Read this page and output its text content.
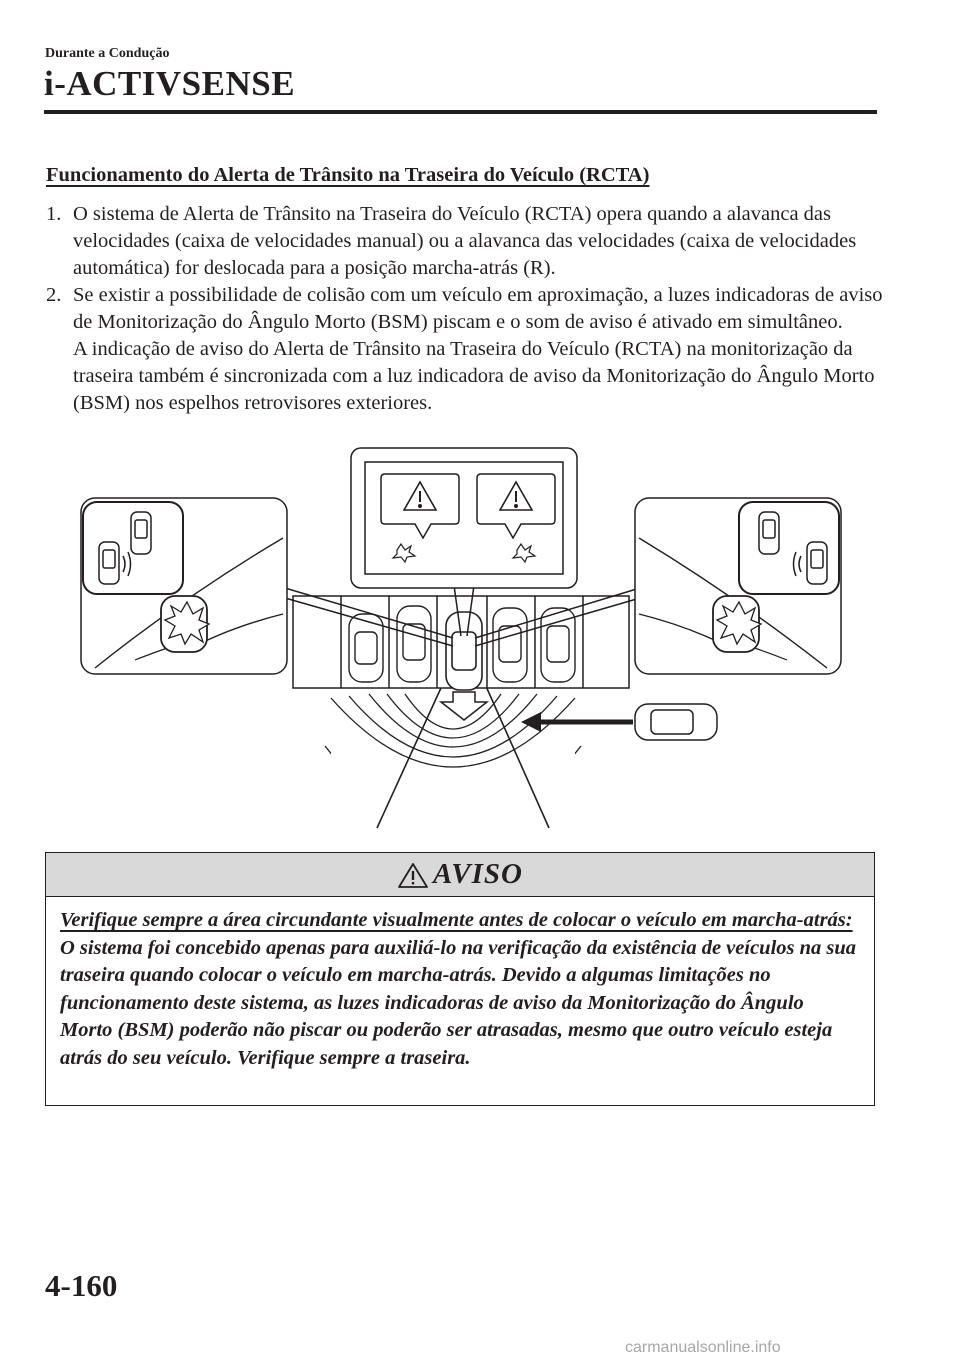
Durante a Condução
i-ACTIVSENSE
Funcionamento do Alerta de Trânsito na Traseira do Veículo (RCTA)
1. O sistema de Alerta de Trânsito na Traseira do Veículo (RCTA) opera quando a alavanca das velocidades (caixa de velocidades manual) ou a alavanca das velocidades (caixa de velocidades automática) for deslocada para a posição marcha-atrás (R).

2. Se existir a possibilidade de colisão com um veículo em aproximação, a luzes indicadoras de aviso de Monitorização do Ângulo Morto (BSM) piscam e o som de aviso é ativado em simultâneo.

A indicação de aviso do Alerta de Trânsito na Traseira do Veículo (RCTA) na monitorização da traseira também é sincronizada com a luz indicadora de aviso da Monitorização do Ângulo Morto (BSM) nos espelhos retrovisores exteriores.

AVISO

Verifique sempre a área circundante visualmente antes de colocar o veículo em marcha-atrás:

O sistema foi concebido apenas para auxiliá-lo na verificação da existência de veículos na sua traseira quando colocar o veículo em marcha-atrás. Devido a algumas limitações no funcionamento deste sistema, as luzes indicadoras de aviso da Monitorização do Ângulo Morto (BSM) poderão não piscar ou poderão ser atrasadas, mesmo que outro veículo esteja atrás do seu veículo. Verifique sempre a traseira.

4-160
carmanualsonline.info
